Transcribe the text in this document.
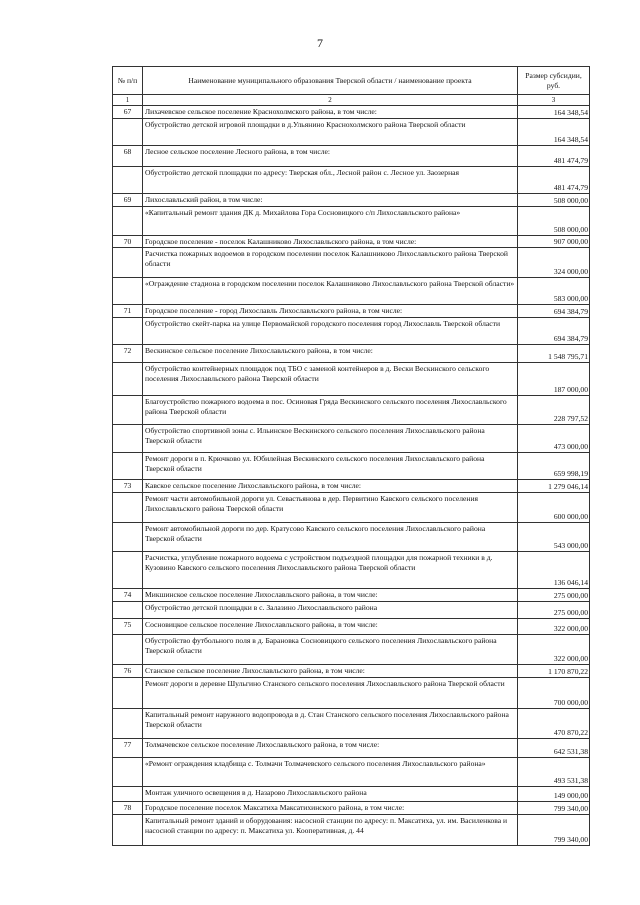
7
№ п/п	Наименование муниципального образования Тверской области / наименование проекта	Размер субсидии, руб.
1	2	3
67	Лихачевское сельское поселение Краснохолмского района, в том числе:	164 348,54
	Обустройство детской игровой площадки в д.Ульянино Краснохолмского района Тверской области	164 348,54
68	Лесное сельское поселение Лесного района, в том числе:	481 474,79
	Обустройство детской площадки по адресу: Тверская обл., Лесной район с. Лесное ул. Заозерная	481 474,79
69	Лихославльский район, в том числе:	508 000,00
	«Капитальный ремонт здания ДК д. Михайлова Гора Сосновицкого с/п Лихославльского района»	508 000,00
70	Городское поселение - поселок Калашниково Лихославльского района, в том числе:	907 000,00
	Расчистка пожарных водоемов в городском поселении поселок Калашниково Лихославльского района Тверской области	324 000,00
	«Ограждение стадиона в городском поселении поселок Калашниково Лихославльского района Тверской области»	583 000,00
71	Городское поселение - город Лихославль Лихославльского района, в том числе:	694 384,79
	Обустройство скейт-парка на улице Первомайской городского поселения город Лихославль Тверской области	694 384,79
72	Вескинское сельское поселение Лихославльского района, в том числе:	1 548 795,71
	Обустройство контейнерных площадок под ТБО с заменой контейнеров в д. Вески Вескинского сельского поселения Лихославльского района Тверской области	187 000,00
	Благоустройство пожарного водоема в пос. Осиновая Гряда Вескинского сельского поселения Лихославльского района Тверской области	228 797,52
	Обустройство спортивной зоны с. Ильинское Вескинского сельского поселения Лихославльского района Тверской области	473 000,00
	Ремонт дороги в п. Крючково ул. Юбилейная Вескинского сельского поселения Лихославльского района Тверской области	659 998,19
73	Кавское сельское поселение Лихославльского района, в том числе:	1 279 046,14
	Ремонт части автомобильной дороги ул. Севастьянова в дер. Первитино Кавского сельского поселения Лихославльского района Тверской области	600 000,00
	Ремонт автомобильной дороги по дер. Кратусово Кавского сельского поселения Лихославльского района Тверской области	543 000,00
	Расчистка, углубление пожарного водоема с устройством подъездной площадки для пожарной техники в д. Кузовино Кавского сельского поселения Лихославльского района Тверской области	136 046,14
74	Микшинское сельское поселение Лихославльского района, в том числе:	275 000,00
	Обустройство детской площадки в с. Залазино Лихославльского района	275 000,00
75	Сосновицкое сельское поселение Лихославльского района, в том числе:	322 000,00
	Обустройство футбольного поля в д. Барановка Сосновицкого сельского поселения Лихославльского района Тверской области	322 000,00
76	Станское сельское поселение Лихославльского района, в том числе:	1 170 870,22
	Ремонт дороги в деревне Шульгино Станского сельского поселения Лихославльского района Тверской области	700 000,00
	Капитальный ремонт наружного водопровода в д. Стан Станского сельского поселения Лихославльского района Тверской области	470 870,22
77	Толмачевское сельское поселение Лихославльского района, в том числе:	642 531,38
	«Ремонт ограждения кладбища с. Толмачи Толмачевского сельского поселения Лихославльского района»	493 531,38
	Монтаж уличного освещения в д. Назарово Лихославльского района	149 000,00
78	Городское поселение поселок Максатиха Максатихинского района, в том числе:	799 340,00
	Капитальный ремонт зданий и оборудования: насосной станции по адресу: п. Максатиха, ул. им. Василенкова и насосной станции по адресу: п. Максатиха ул. Кооперативная, д. 44	799 340,00
